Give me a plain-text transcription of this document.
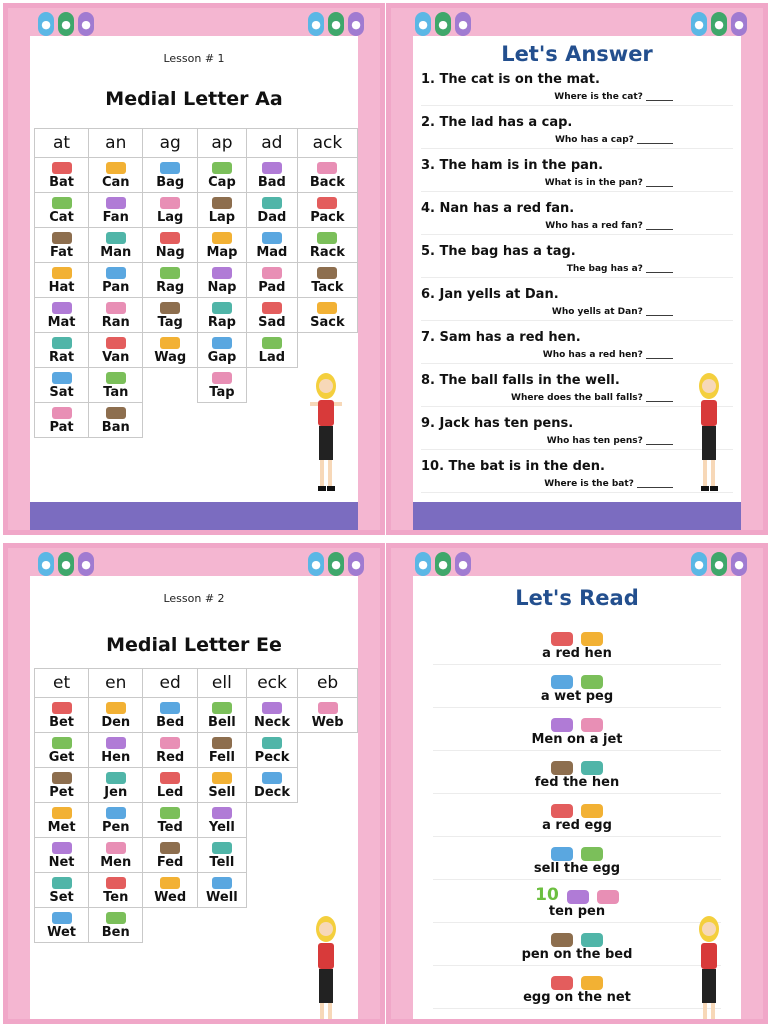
● ● ●	● ● ●
Lesson # 1
Medial Letter Aa
at	an	ag	ap	ad	ack

Bat	Can	Bag	Cap	Bad	Back

Cat	Fan	Lag	Lap	Dad	Pack

Fat	Man	Nag	Map	Mad	Rack

Hat	Pan	Rag	Nap	Pad	Tack

Mat	Ran	Tag	Rap	Sad	Sack

Rat	Van	Wag	Gap	Lad	

Sat	Tan		Tap		

Pat	Ban				
● ● ●	● ● ●
Let's Answer
1. The cat is on the mat.
Where is the cat? ______
2. The lad has a cap.
Who has a cap? ________
3. The ham is in the pan.
What is in the pan? ______
4. Nan has a red fan.
Who has a red fan? ______
5. The bag has a tag.
The bag has a? ______
6. Jan yells at Dan.
Who yells at Dan? ______
7. Sam has a red hen.
Who has a red hen? ______
8. The ball falls in the well.
Where does the ball falls? ______
9. Jack has ten pens.
Who has ten pens? ______
10. The bat is in the den.
Where is the bat? ________
● ● ●	● ● ●
Lesson # 2
Medial Letter Ee
et	en	ed	ell	eck	eb

Bet	Den	Bed	Bell	Neck	Web

Get	Hen	Red	Fell	Peck	

Pet	Jen	Led	Sell	Deck	

Met	Pen	Ted	Yell		

Net	Men	Fed	Tell		

Set	Ten	Wed	Well		

Wet	Ben				
● ● ●	● ● ●
Let's Read
a red hen
a wet peg
Men on a jet
fed the hen
a red egg
sell the egg
10
ten pen
pen on the bed
egg on the net
